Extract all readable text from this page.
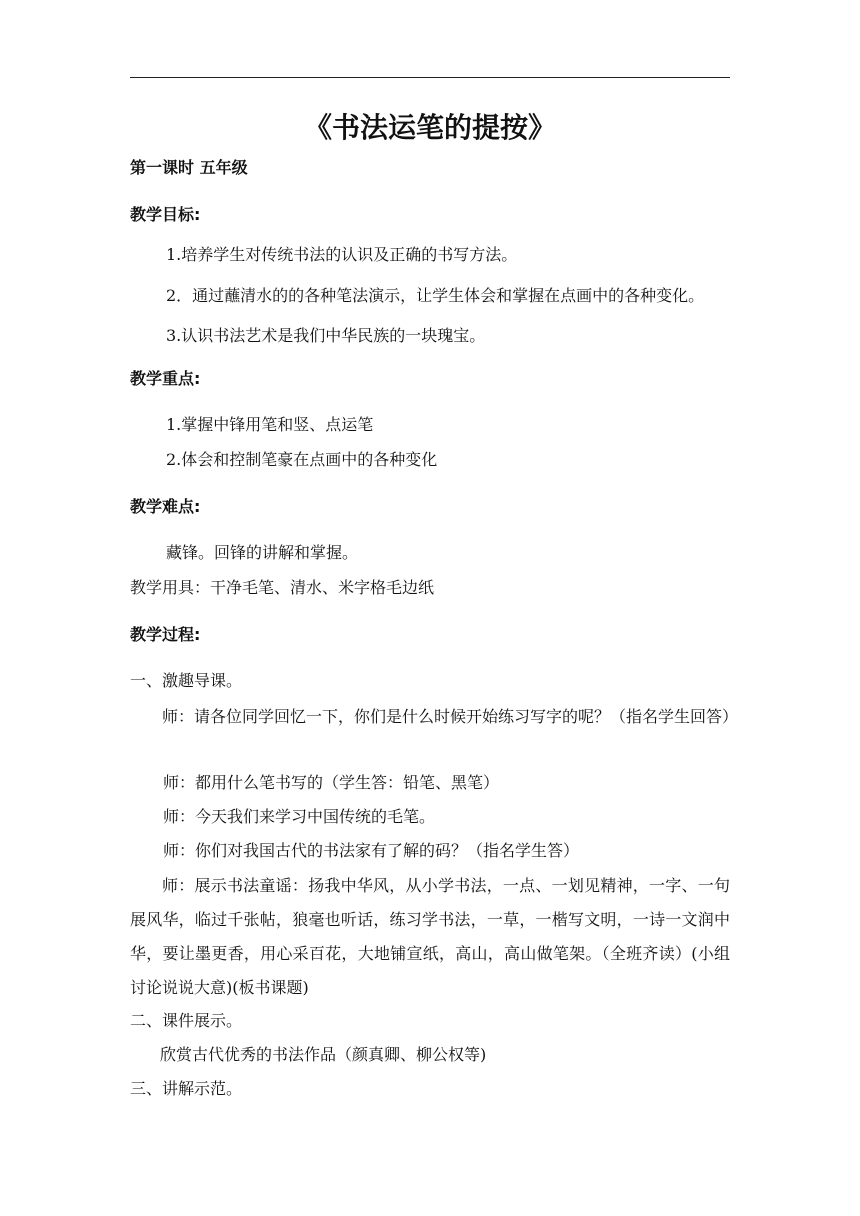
《书法运笔的提按》
第一课时 五年级
教学目标:
1.培养学生对传统书法的认识及正确的书写方法。
2．通过蘸清水的的各种笔法演示，让学生体会和掌握在点画中的各种变化。
3.认识书法艺术是我们中华民族的一块瑰宝。
教学重点:
1.掌握中锋用笔和竖、点运笔
2.体会和控制笔豪在点画中的各种变化
教学难点:
藏锋。回锋的讲解和掌握。
教学用具：干净毛笔、清水、米字格毛边纸
教学过程:
一、激趣导课。
师：请各位同学回忆一下，你们是什么时候开始练习写字的呢？（指名学生回答）
师：都用什么笔书写的（学生答：铅笔、黑笔）
师：今天我们来学习中国传统的毛笔。
师：你们对我国古代的书法家有了解的码？（指名学生答）
师：展示书法童谣：扬我中华风，从小学书法，一点、一划见精神，一字、一句展风华，临过千张帖，狼毫也听话，练习学书法，一草，一楷写文明，一诗一文润中华，要让墨更香，用心采百花，大地铺宣纸，高山，高山做笔架。（全班齐读）(小组讨论说说大意)(板书课题)
二、课件展示。
欣赏古代优秀的书法作品（颜真卿、柳公权等)
三、讲解示范。
